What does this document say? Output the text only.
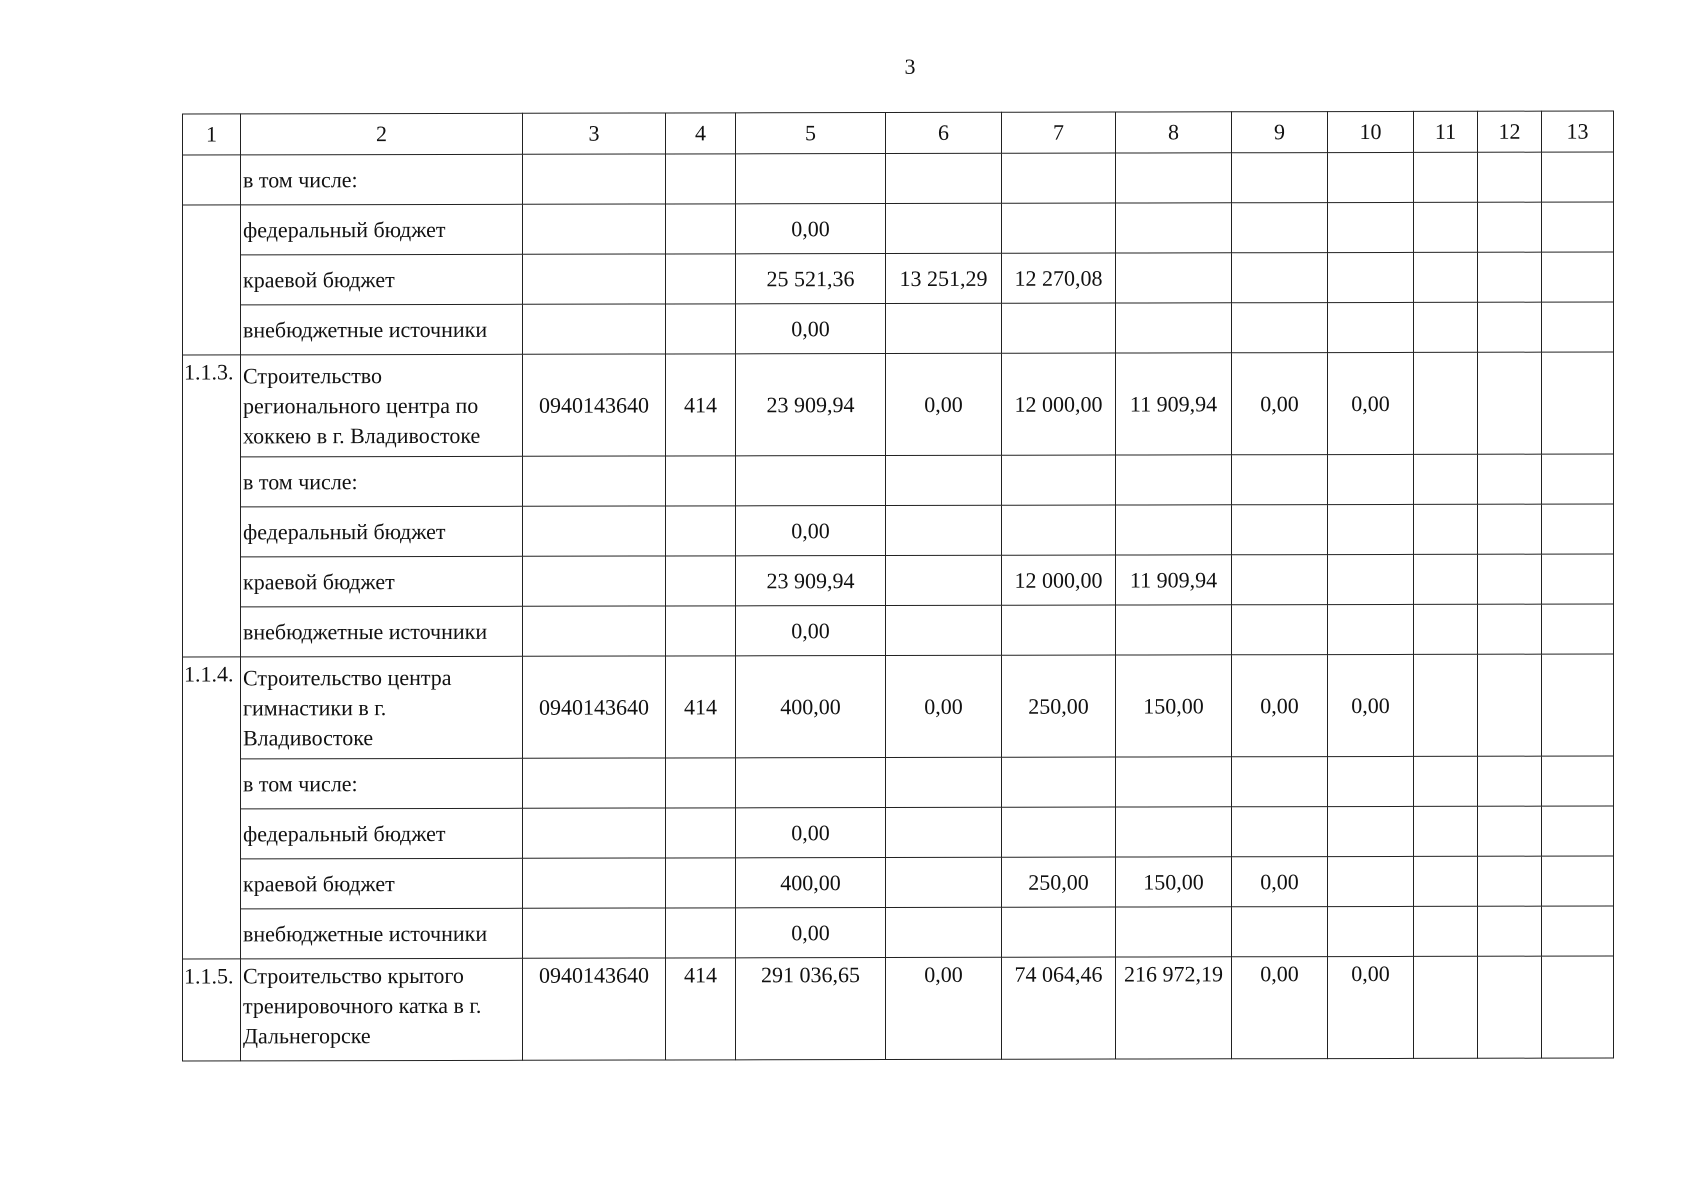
3
1	2	3	4	5	6	7	8	9	10	11	12	13
	в том числе:											
	федеральный бюджет			0,00								
	краевой бюджет			25 521,36	13 251,29	12 270,08						
	внебюджетные источники			0,00								
1.1.3.	Строительство регионального центра по хоккею в г. Владивостоке	0940143640	414	23 909,94	0,00	12 000,00	11 909,94	0,00	0,00			
	в том числе:											
	федеральный бюджет			0,00								
	краевой бюджет			23 909,94		12 000,00	11 909,94					
	внебюджетные источники			0,00								
1.1.4.	Строительство центра гимнастики в г. Владивостоке	0940143640	414	400,00	0,00	250,00	150,00	0,00	0,00			
	в том числе:											
	федеральный бюджет			0,00								
	краевой бюджет			400,00		250,00	150,00	0,00				
	внебюджетные источники			0,00								
1.1.5.	Строительство крытого тренировочного катка в г. Дальнегорске	0940143640	414	291 036,65	0,00	74 064,46	216 972,19	0,00	0,00			
